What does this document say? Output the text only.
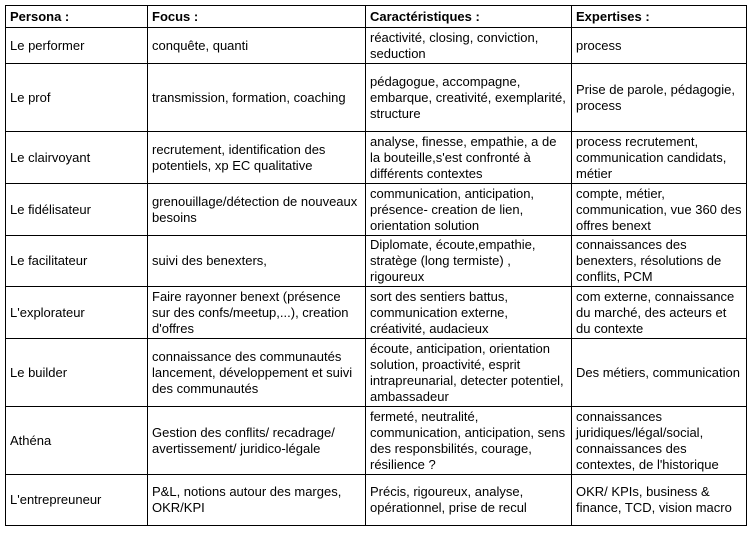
Persona :	Focus :	Caractéristiques :	Expertises :
Le performer	conquête, quanti	réactivité, closing, conviction, seduction	process
Le prof	transmission, formation, coaching	pédagogue, accompagne, embarque, creativité, exemplarité, structure	Prise de parole, pédagogie, process
Le clairvoyant	recrutement, identification des potentiels, xp EC qualitative	analyse, finesse, empathie, a de la bouteille,s'est confronté à différents contextes	process recrutement, communication candidats, métier
Le fidélisateur	grenouillage/détection de nouveaux besoins	communication, anticipation, présence- creation de lien, orientation solution	compte, métier, communication, vue 360 des offres benext
Le facilitateur	suivi des benexters,	Diplomate, écoute,empathie, stratège (long termiste) , rigoureux	connaissances des benexters, résolutions de conflits, PCM
L'explorateur	Faire rayonner benext (présence sur des confs/meetup,...), creation d'offres	sort des sentiers battus, communication externe, créativité, audacieux	com externe, connaissance du marché, des acteurs et du contexte
Le builder	connaissance des communautés lancement, développement et suivi des communautés	écoute, anticipation, orientation solution, proactivité, esprit intrapreunarial, detecter potentiel, ambassadeur	Des métiers, communication
Athéna	Gestion des conflits/ recadrage/ avertissement/ juridico-légale	fermeté, neutralité, communication, anticipation, sens des responsbilités, courage, résilience ?	connaissances juridiques/légal/social, connaissances des contextes, de l'historique
L'entrepreuneur	P&L, notions autour des marges, OKR/KPI	Précis, rigoureux, analyse, opérationnel, prise de recul	OKR/ KPIs, business & finance, TCD, vision macro
